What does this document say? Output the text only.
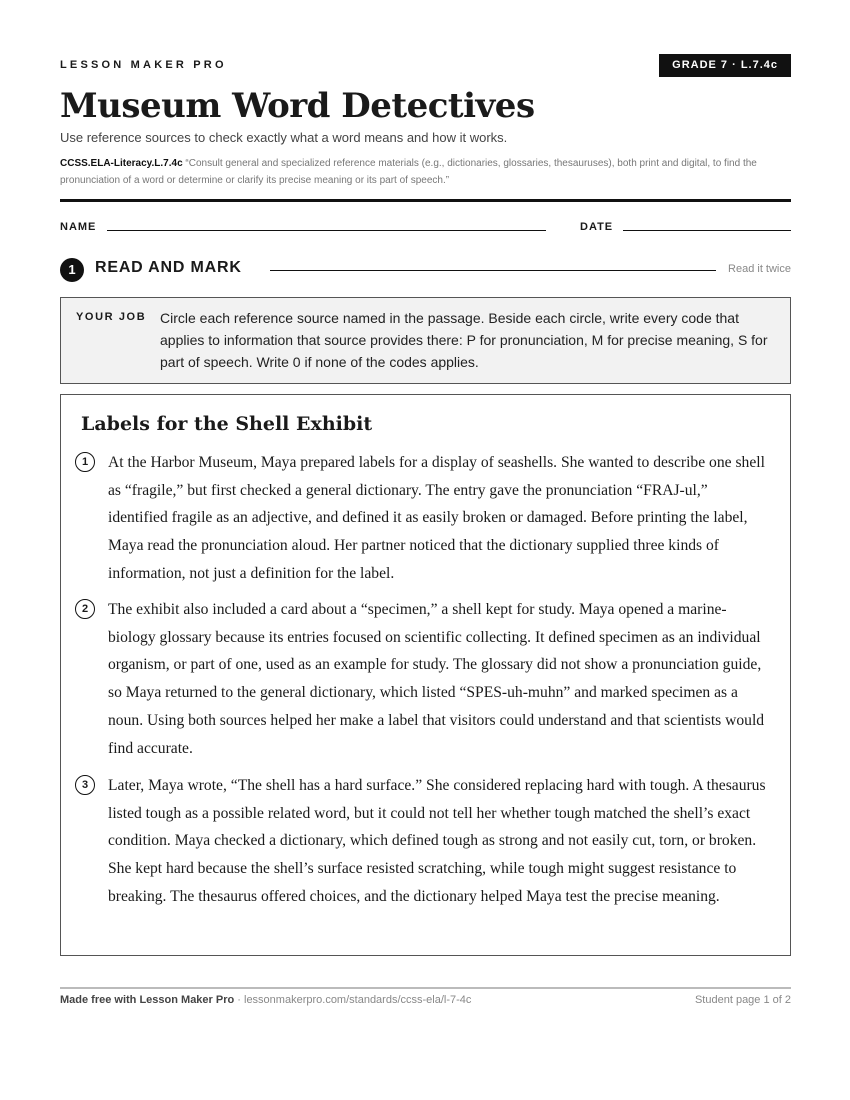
LESSON MAKER PRO	GRADE 7 · L.7.4c
Museum Word Detectives
Use reference sources to check exactly what a word means and how it works.
CCSS.ELA-Literacy.L.7.4c “Consult general and specialized reference materials (e.g., dictionaries, glossaries, thesauruses), both print and digital, to find the pronunciation of a word or determine or clarify its precise meaning or its part of speech.”
NAME	DATE
1	READ AND MARK	Read it twice
YOUR JOB Circle each reference source named in the passage. Beside each circle, write every code that applies to information that source provides there: P for pronunciation, M for precise meaning, S for part of speech. Write 0 if none of the codes applies.
Labels for the Shell Exhibit
1	At the Harbor Museum, Maya prepared labels for a display of seashells. She wanted to describe one shell as “fragile,” but first checked a general dictionary. The entry gave the pronunciation “FRAJ-ul,” identified fragile as an adjective, and defined it as easily broken or damaged. Before printing the label, Maya read the pronunciation aloud. Her partner noticed that the dictionary supplied three kinds of information, not just a definition for the label.
2	The exhibit also included a card about a “specimen,” a shell kept for study. Maya opened a marine-biology glossary because its entries focused on scientific collecting. It defined specimen as an individual organism, or part of one, used as an example for study. The glossary did not show a pronunciation guide, so Maya returned to the general dictionary, which listed “SPES-uh-muhn” and marked specimen as a noun. Using both sources helped her make a label that visitors could understand and that scientists would find accurate.
3	Later, Maya wrote, “The shell has a hard surface.” She considered replacing hard with tough. A thesaurus listed tough as a possible related word, but it could not tell her whether tough matched the shell’s exact condition. Maya checked a dictionary, which defined tough as strong and not easily cut, torn, or broken. She kept hard because the shell’s surface resisted scratching, while tough might suggest resistance to breaking. The thesaurus offered choices, and the dictionary helped Maya test the precise meaning.
Made free with Lesson Maker Pro · lessonmakerpro.com/standards/ccss-ela/l-7-4c	Student page 1 of 2
